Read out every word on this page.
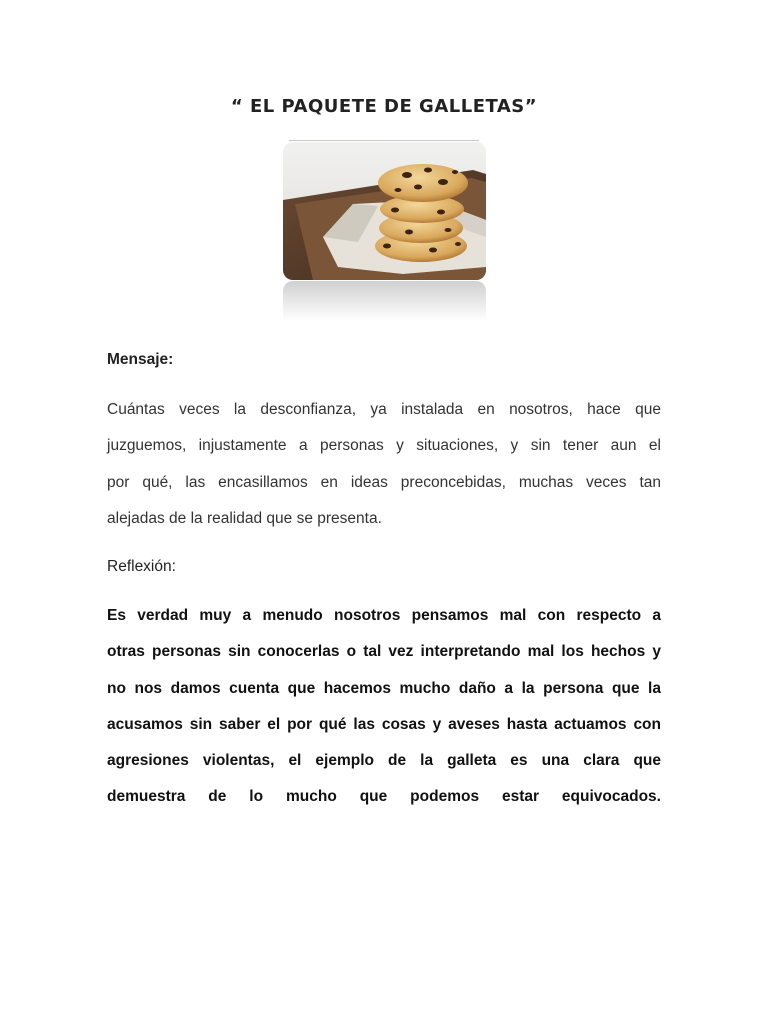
“ EL PAQUETE DE GALLETAS”
Mensaje:
Cuántas veces la desconfianza, ya instalada en nosotros, hace que
juzguemos, injustamente a personas y situaciones, y sin tener aun el
por qué, las encasillamos en ideas preconcebidas, muchas veces tan
alejadas de la realidad que se presenta.
Reflexión:
Es verdad muy a menudo nosotros pensamos mal con respecto a
otras personas sin conocerlas o tal vez interpretando mal los hechos y
no nos damos cuenta que hacemos mucho daño a la persona que la
acusamos sin saber el por qué las cosas y aveses hasta actuamos con
agresiones violentas, el ejemplo de la galleta es una clara que
demuestra de lo mucho que podemos estar equivocados.
